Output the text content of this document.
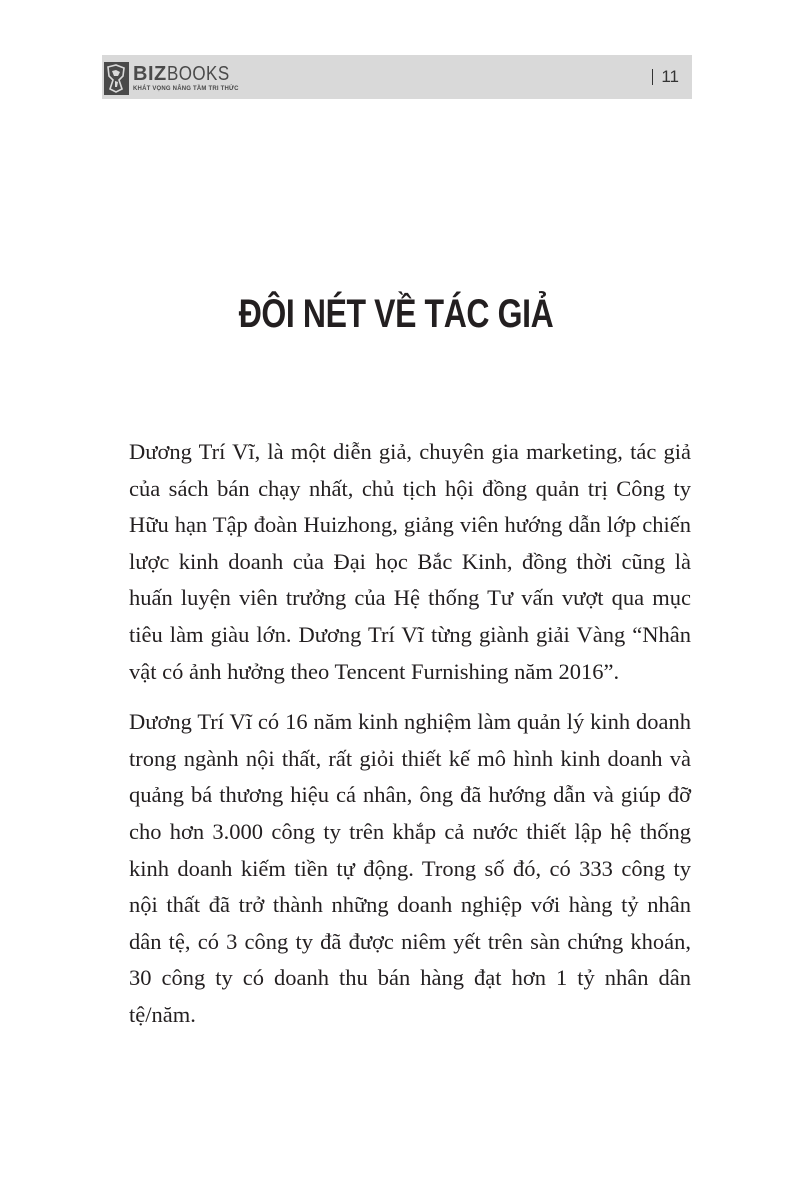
BIZ BOOKS
KHÁT VỌNG NÂNG TẦM TRI THỨC
11
ĐÔI NÉT VỀ TÁC GIẢ

Dương Trí Vĩ, là một diễn giả, chuyên gia marketing, tác giả của sách bán chạy nhất, chủ tịch hội đồng quản trị Công ty Hữu hạn Tập đoàn Huizhong, giảng viên hướng dẫn lớp chiến lược kinh doanh của Đại học Bắc Kinh, đồng thời cũng là huấn luyện viên trưởng của Hệ thống Tư vấn vượt qua mục tiêu làm giàu lớn. Dương Trí Vĩ từng giành giải Vàng “Nhân vật có ảnh hưởng theo Tencent Furnishing năm 2016”.

Dương Trí Vĩ có 16 năm kinh nghiệm làm quản lý kinh doanh trong ngành nội thất, rất giỏi thiết kế mô hình kinh doanh và quảng bá thương hiệu cá nhân, ông đã hướng dẫn và giúp đỡ cho hơn 3.000 công ty trên khắp cả nước thiết lập hệ thống kinh doanh kiếm tiền tự động. Trong số đó, có 333 công ty nội thất đã trở thành những doanh nghiệp với hàng tỷ nhân dân tệ, có 3 công ty đã được niêm yết trên sàn chứng khoán, 30 công ty có doanh thu bán hàng đạt hơn 1 tỷ nhân dân tệ/năm.
